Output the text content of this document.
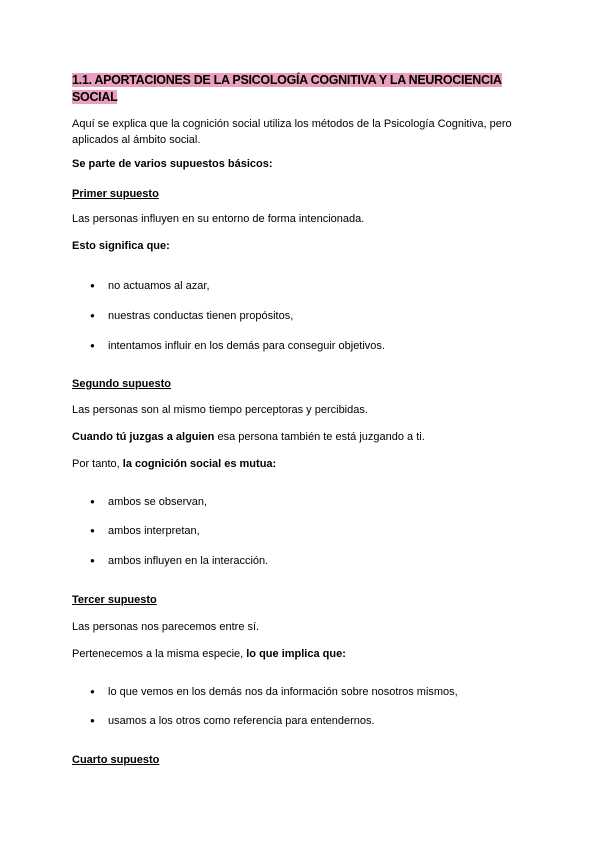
1.1. APORTACIONES DE LA PSICOLOGÍA COGNITIVA Y LA NEUROCIENCIA SOCIAL

Aquí se explica que la cognición social utiliza los métodos de la Psicología Cognitiva, pero aplicados al ámbito social.

Se parte de varios supuestos básicos:

Primer supuesto

Las personas influyen en su entorno de forma intencionada.

Esto significa que:

● no actuamos al azar,

● nuestras conductas tienen propósitos,

● intentamos influir en los demás para conseguir objetivos.

Segundo supuesto

Las personas son al mismo tiempo perceptoras y percibidas.

Cuando tú juzgas a alguien esa persona también te está juzgando a ti.

Por tanto, la cognición social es mutua:

● ambos se observan,

● ambos interpretan,

● ambos influyen en la interacción.

Tercer supuesto

Las personas nos parecemos entre sí.

Pertenecemos a la misma especie, lo que implica que:

● lo que vemos en los demás nos da información sobre nosotros mismos,

● usamos a los otros como referencia para entendernos.

Cuarto supuesto
